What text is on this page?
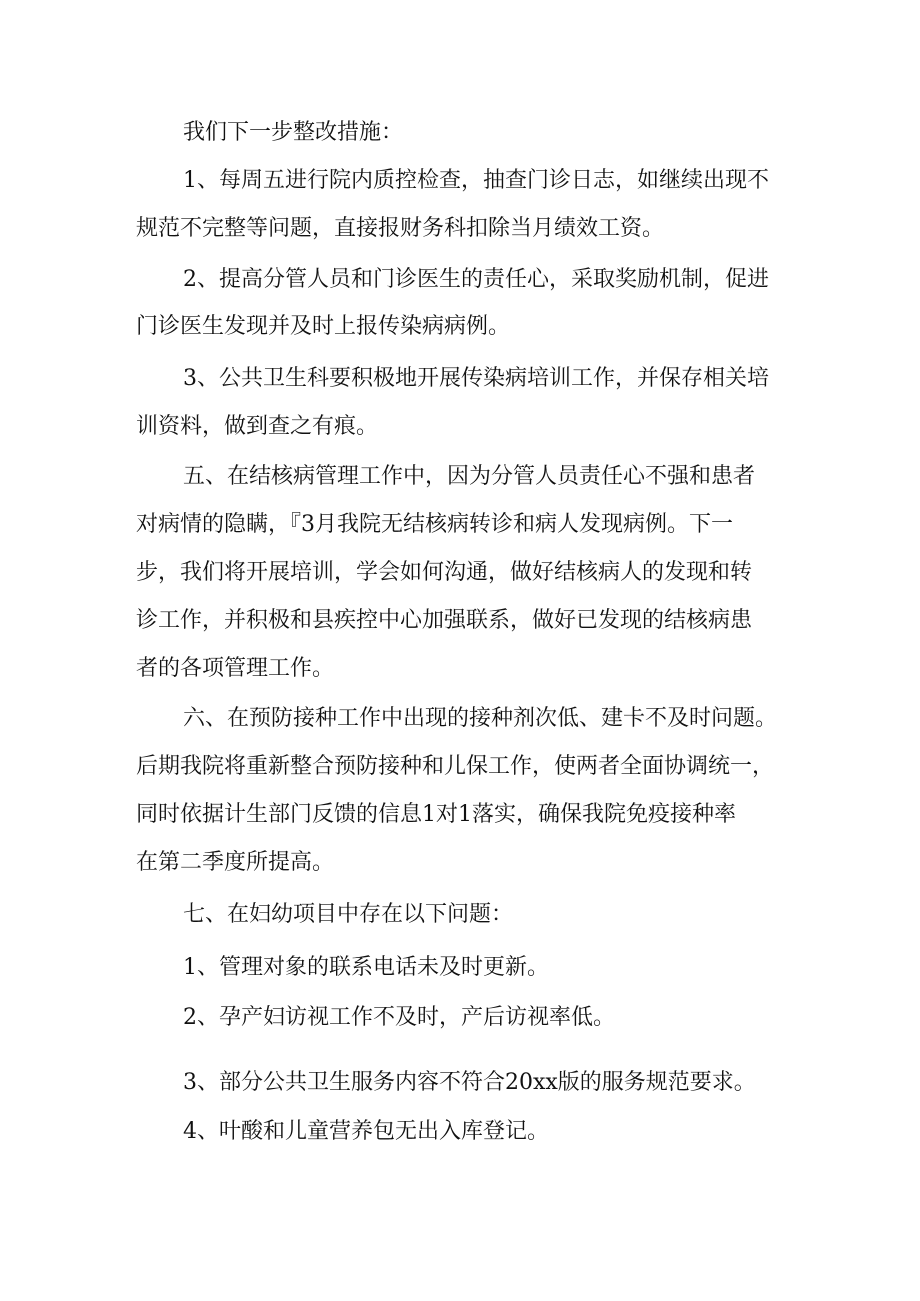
我们下一步整改措施：
1、每周五进行院内质控检查，抽查门诊日志，如继续出现不
规范不完整等问题，直接报财务科扣除当月绩效工资。
2、提高分管人员和门诊医生的责任心，采取奖励机制，促进
门诊医生发现并及时上报传染病病例。
3、公共卫生科要积极地开展传染病培训工作，并保存相关培
训资料，做到查之有痕。
五、在结核病管理工作中，因为分管人员责任心不强和患者
对病情的隐瞒，『3月我院无结核病转诊和病人发现病例。下一
步，我们将开展培训，学会如何沟通，做好结核病人的发现和转
诊工作，并积极和县疾控中心加强联系，做好已发现的结核病患
者的各项管理工作。
六、在预防接种工作中出现的接种剂次低、建卡不及时问题。
后期我院将重新整合预防接种和儿保工作，使两者全面协调统一，
同时依据计生部门反馈的信息1对1落实，确保我院免疫接种率
在第二季度所提高。
七、在妇幼项目中存在以下问题：
1、管理对象的联系电话未及时更新。
2、孕产妇访视工作不及时，产后访视率低。
3、部分公共卫生服务内容不符合20xx版的服务规范要求。
4、叶酸和儿童营养包无出入库登记。
